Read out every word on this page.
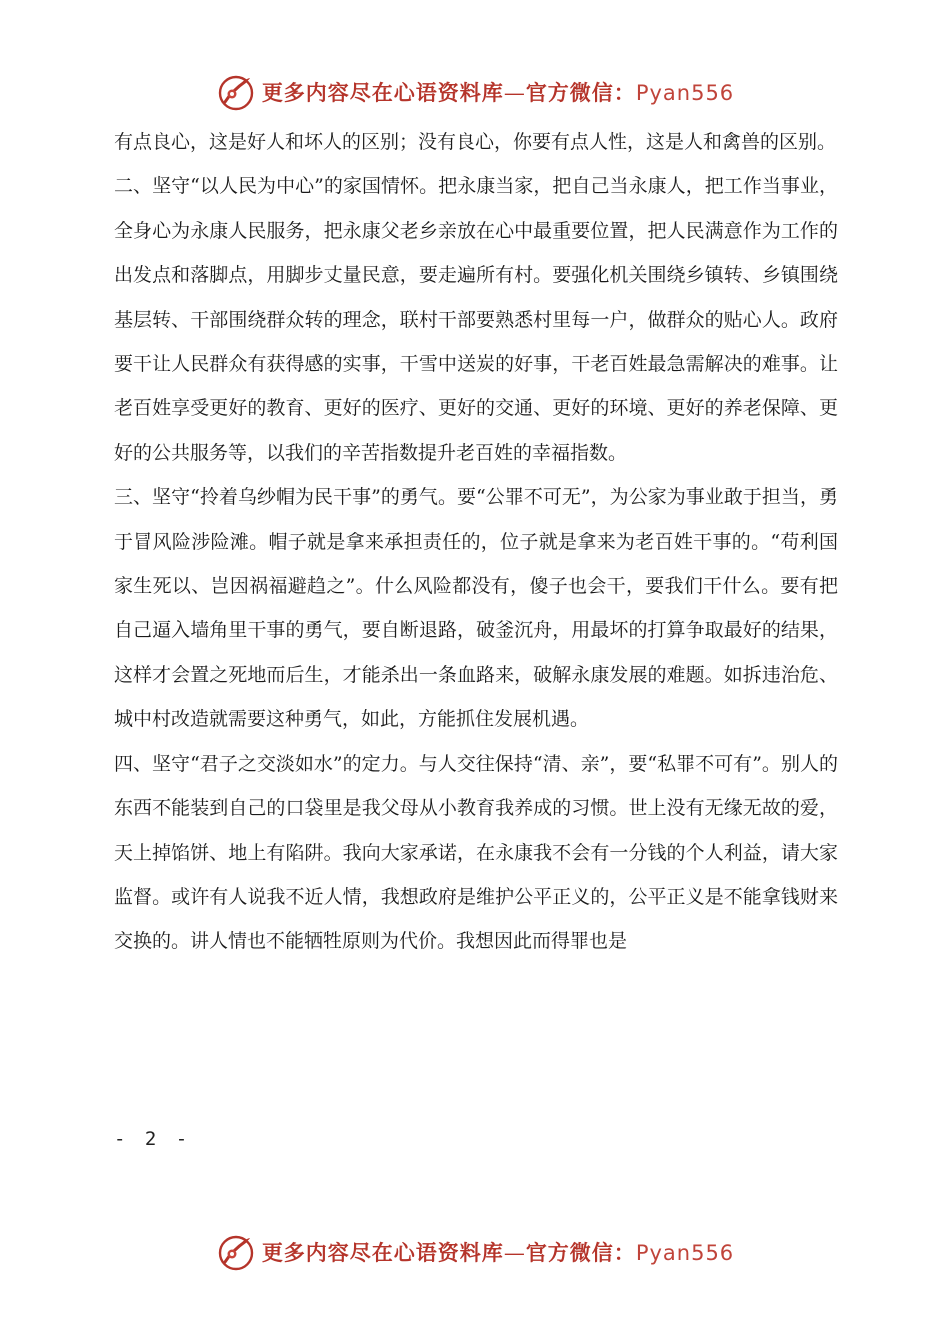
更多内容尽在心语资料库—官方微信：Pyan556

有点良心，这是好人和坏人的区别；没有良心，你要有点人性，这是人和禽兽的区别。

二、坚守“以人民为中心”的家国情怀。把永康当家，把自己当永康人，把工作当事业，全身心为永康人民服务，把永康父老乡亲放在心中最重要位置，把人民满意作为工作的出发点和落脚点，用脚步丈量民意，要走遍所有村。要强化机关围绕乡镇转、乡镇围绕基层转、干部围绕群众转的理念，联村干部要熟悉村里每一户，做群众的贴心人。政府要干让人民群众有获得感的实事，干雪中送炭的好事，干老百姓最急需解决的难事。让老百姓享受更好的教育、更好的医疗、更好的交通、更好的环境、更好的养老保障、更好的公共服务等，以我们的辛苦指数提升老百姓的幸福指数。

三、坚守“拎着乌纱帽为民干事”的勇气。要“公罪不可无”，为公家为事业敢于担当，勇于冒风险涉险滩。帽子就是拿来承担责任的，位子就是拿来为老百姓干事的。“苟利国家生死以、岂因祸福避趋之”。什么风险都没有，傻子也会干，要我们干什么。要有把自己逼入墙角里干事的勇气，要自断退路，破釜沉舟，用最坏的打算争取最好的结果，这样才会置之死地而后生，才能杀出一条血路来，破解永康发展的难题。如拆违治危、城中村改造就需要这种勇气，如此，方能抓住发展机遇。

四、坚守“君子之交淡如水”的定力。与人交往保持“清、亲”，要“私罪不可有”。别人的东西不能装到自己的口袋里是我父母从小教育我养成的习惯。世上没有无缘无故的爱，天上掉馅饼、地上有陷阱。我向大家承诺，在永康我不会有一分钱的个人利益，请大家监督。或许有人说我不近人情，我想政府是维护公平正义的，公平正义是不能拿钱财来交换的。讲人情也不能牺牲原则为代价。我想因此而得罪也是

- 2 -
更多内容尽在心语资料库—官方微信：Pyan556
